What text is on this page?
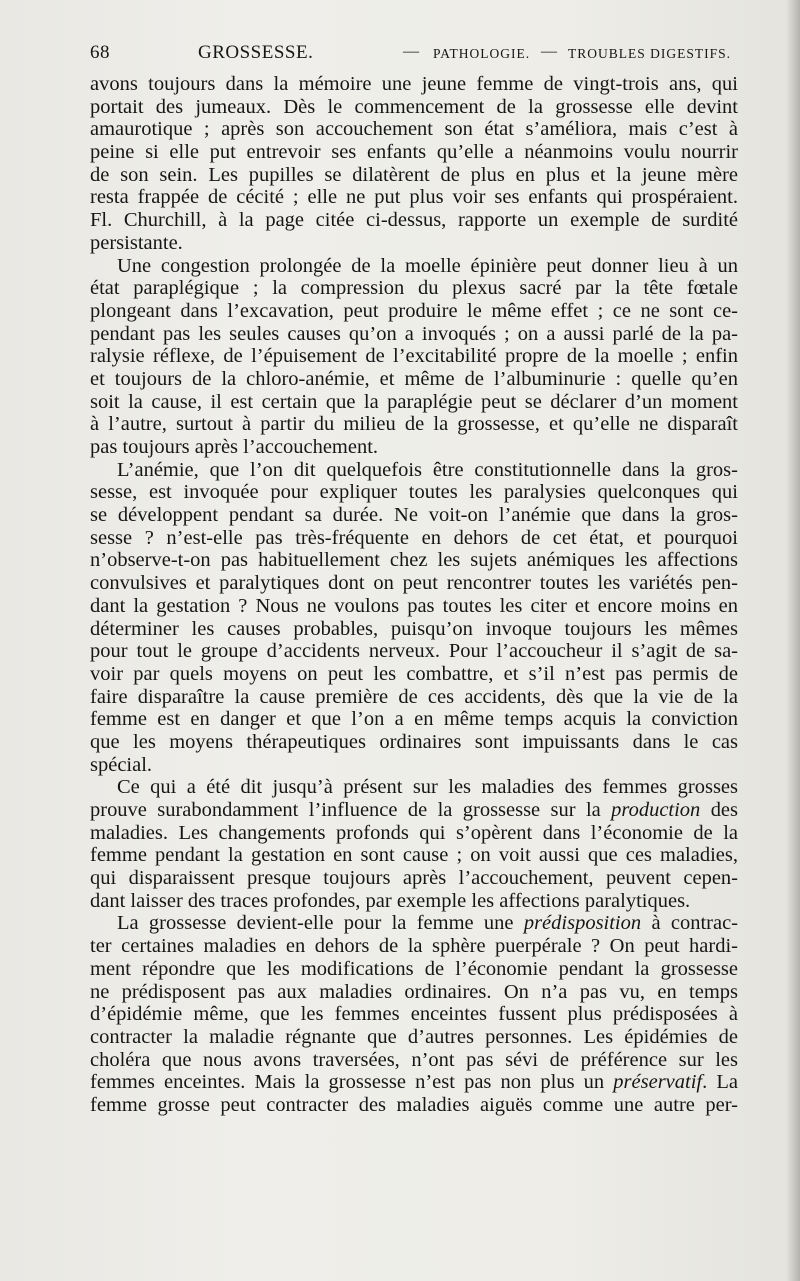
68	GROSSESSE.	— PATHOLOGIE. — TROUBLES DIGESTIFS.
avons toujours dans la mémoire une jeune femme de vingt-trois ans, qui
portait des jumeaux. Dès le commencement de la grossesse elle devint
amaurotique ; après son accouchement son état s’améliora, mais c’est à
peine si elle put entrevoir ses enfants qu’elle a néanmoins voulu nourrir
de son sein. Les pupilles se dilatèrent de plus en plus et la jeune mère
resta frappée de cécité ; elle ne put plus voir ses enfants qui prospéraient.
Fl. Churchill, à la page citée ci-dessus, rapporte un exemple de surdité
persistante.
Une congestion prolongée de la moelle épinière peut donner lieu à un
état paraplégique ; la compression du plexus sacré par la tête fœtale
plongeant dans l’excavation, peut produire le même effet ; ce ne sont ce-
pendant pas les seules causes qu’on a invoqués ; on a aussi parlé de la pa-
ralysie réflexe, de l’épuisement de l’excitabilité propre de la moelle ; enfin
et toujours de la chloro-anémie, et même de l’albuminurie : quelle qu’en
soit la cause, il est certain que la paraplégie peut se déclarer d’un moment
à l’autre, surtout à partir du milieu de la grossesse, et qu’elle ne disparaît
pas toujours après l’accouchement.
L’anémie, que l’on dit quelquefois être constitutionnelle dans la gros-
sesse, est invoquée pour expliquer toutes les paralysies quelconques qui
se développent pendant sa durée. Ne voit-on l’anémie que dans la gros-
sesse ? n’est-elle pas très-fréquente en dehors de cet état, et pourquoi
n’observe-t-on pas habituellement chez les sujets anémiques les affections
convulsives et paralytiques dont on peut rencontrer toutes les variétés pen-
dant la gestation ? Nous ne voulons pas toutes les citer et encore moins en
déterminer les causes probables, puisqu’on invoque toujours les mêmes
pour tout le groupe d’accidents nerveux. Pour l’accoucheur il s’agit de sa-
voir par quels moyens on peut les combattre, et s’il n’est pas permis de
faire disparaître la cause première de ces accidents, dès que la vie de la
femme est en danger et que l’on a en même temps acquis la conviction
que les moyens thérapeutiques ordinaires sont impuissants dans le cas
spécial.
Ce qui a été dit jusqu’à présent sur les maladies des femmes grosses
prouve surabondamment l’influence de la grossesse sur la production des
maladies. Les changements profonds qui s’opèrent dans l’économie de la
femme pendant la gestation en sont cause ; on voit aussi que ces maladies,
qui disparaissent presque toujours après l’accouchement, peuvent cepen-
dant laisser des traces profondes, par exemple les affections paralytiques.
La grossesse devient-elle pour la femme une prédisposition à contrac-
ter certaines maladies en dehors de la sphère puerpérale ? On peut hardi-
ment répondre que les modifications de l’économie pendant la grossesse
ne prédisposent pas aux maladies ordinaires. On n’a pas vu, en temps
d’épidémie même, que les femmes enceintes fussent plus prédisposées à
contracter la maladie régnante que d’autres personnes. Les épidémies de
choléra que nous avons traversées, n’ont pas sévi de préférence sur les
femmes enceintes. Mais la grossesse n’est pas non plus un préservatif. La
femme grosse peut contracter des maladies aiguës comme une autre per-
